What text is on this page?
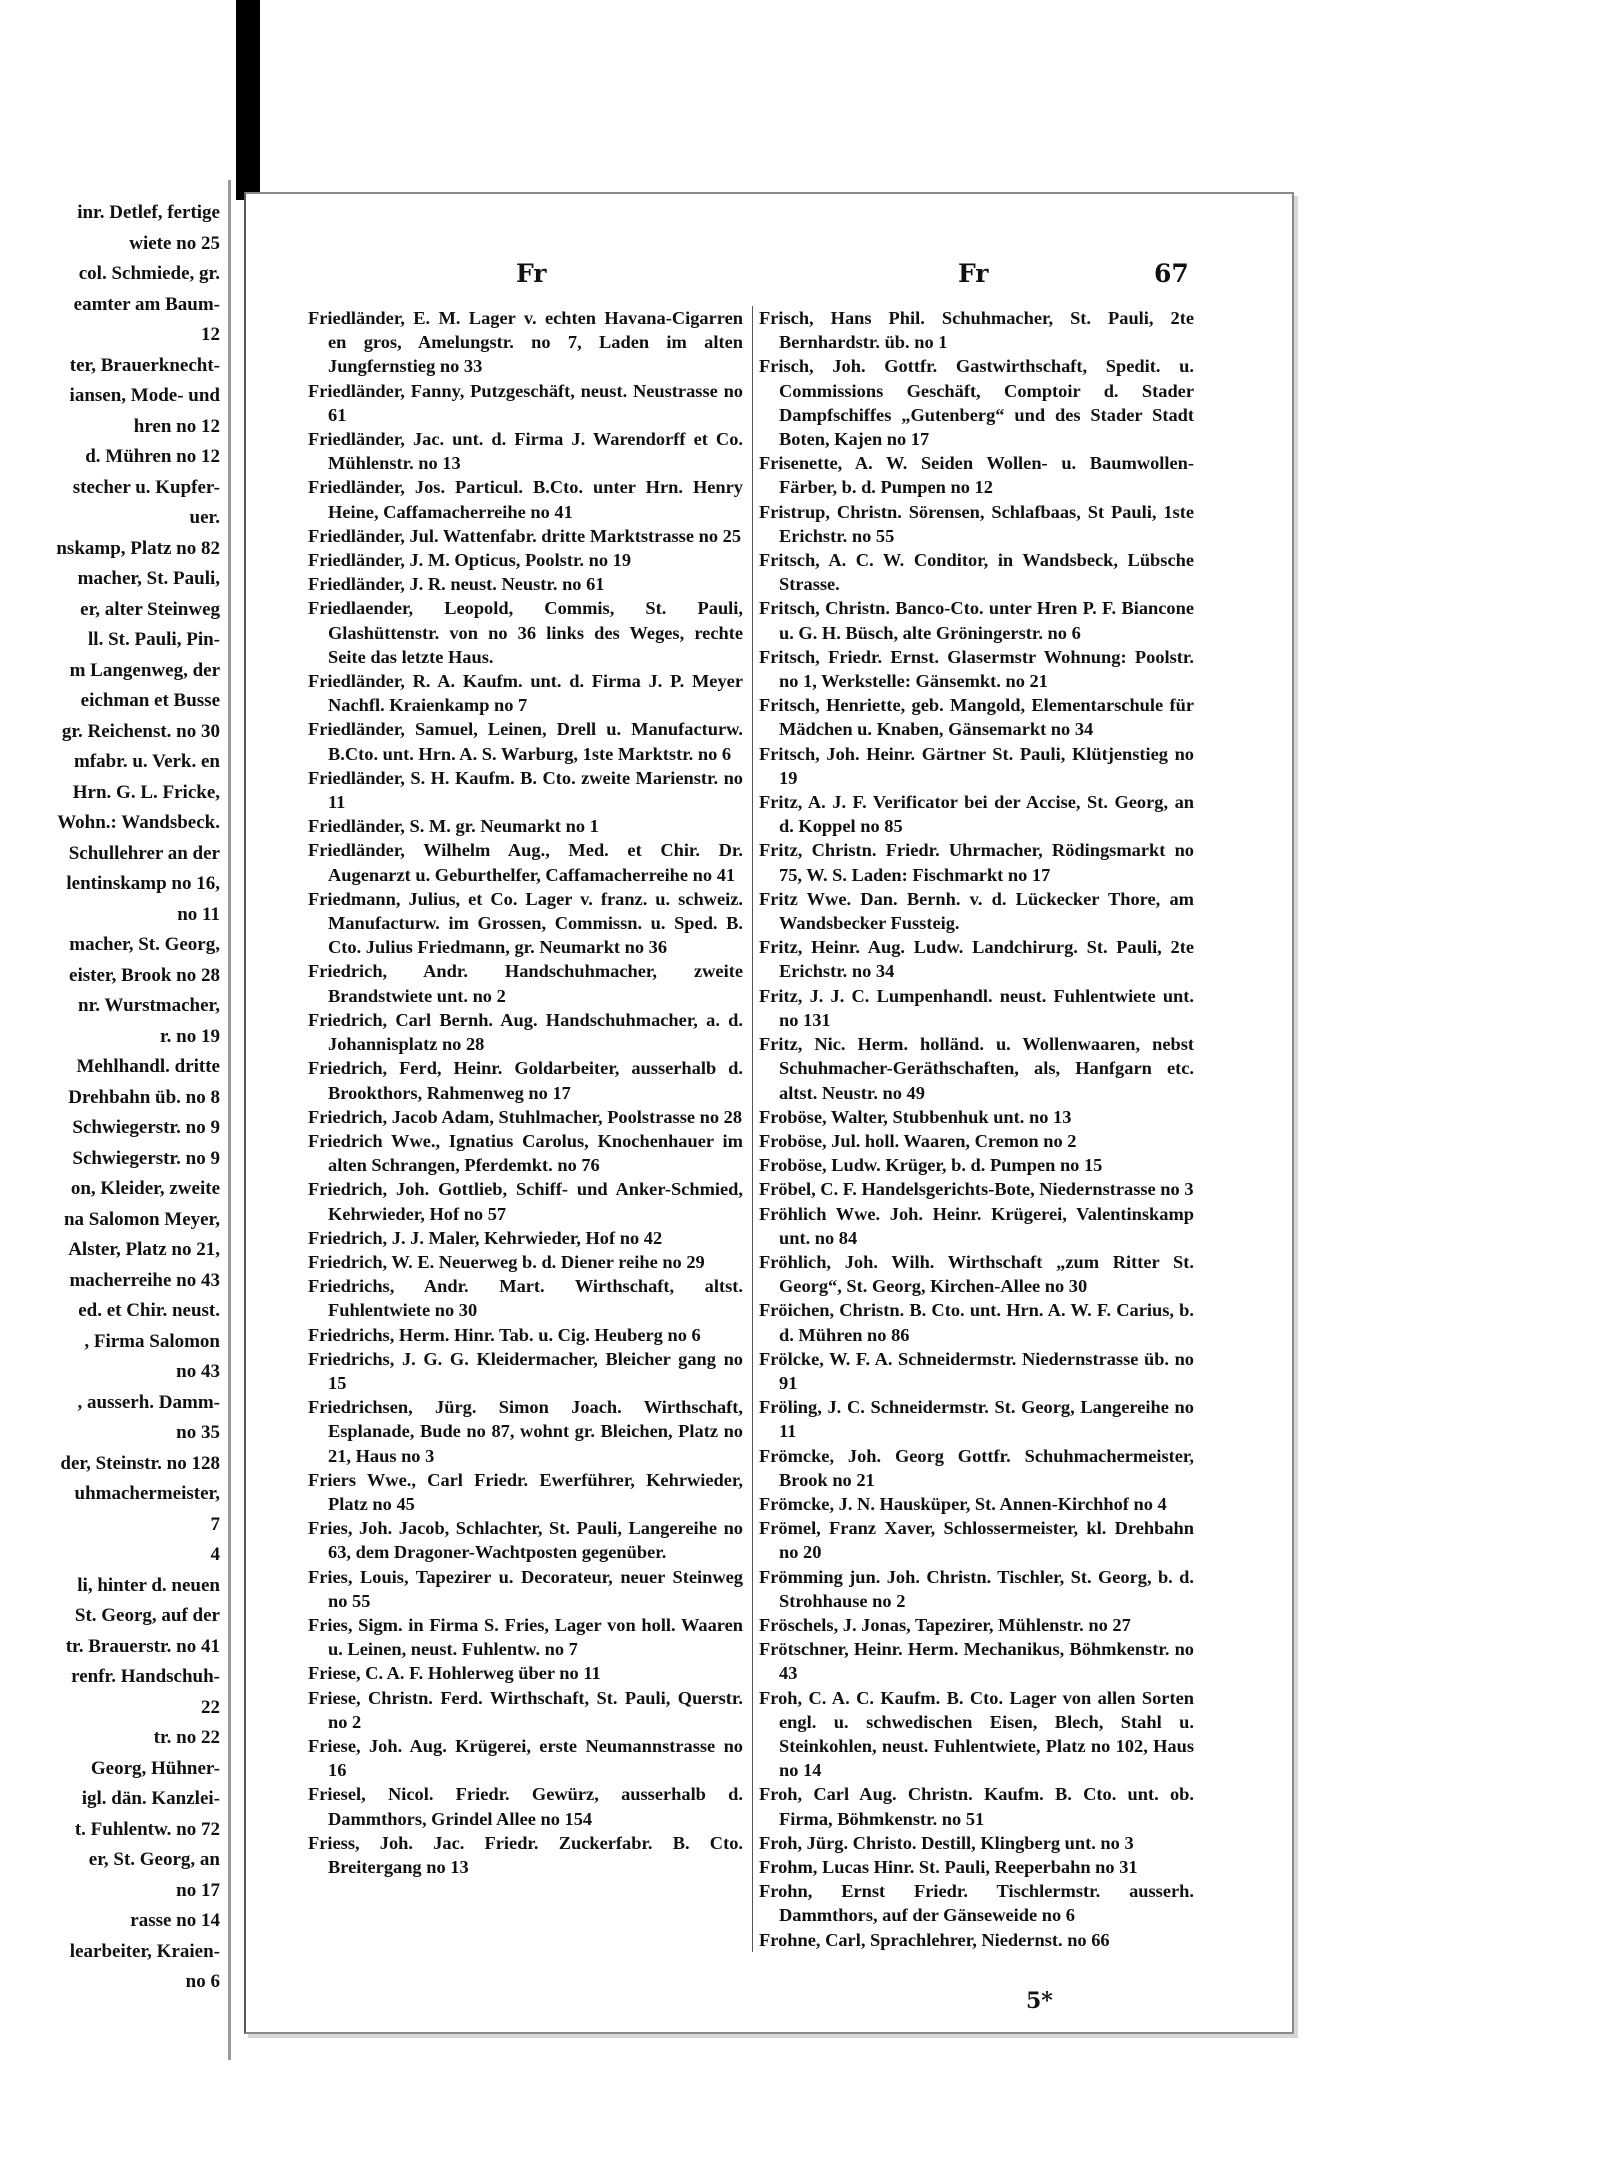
inr. Detlef, fertige
wiete no 25
col. Schmiede, gr.
eamter am Baum-
12
ter, Brauerknecht-
iansen, Mode- und
hren no 12
d. Mühren no 12
stecher u. Kupfer-
uer.
nskamp, Platz no 82
macher, St. Pauli,
er, alter Steinweg
ll. St. Pauli, Pin-
m Langenweg, der
eichman et Busse
gr. Reichenst. no 30
mfabr. u. Verk. en
Hrn. G. L. Fricke,
Wohn.: Wandsbeck.
Schullehrer an der
lentinskamp no 16,
no 11
macher, St. Georg,
eister, Brook no 28
nr. Wurstmacher,
r. no 19
Mehlhandl. dritte
Drehbahn üb. no 8
Schwiegerstr. no 9
Schwiegerstr. no 9
on, Kleider, zweite
na Salomon Meyer,
Alster, Platz no 21,
macherreihe no 43
ed. et Chir. neust.
, Firma Salomon
no 43
, ausserh. Damm-
no 35
der, Steinstr. no 128
uhmachermeister,
7
4
li, hinter d. neuen
St. Georg, auf der
tr. Brauerstr. no 41
renfr. Handschuh-
22
tr. no 22
Georg, Hühner-
igl. dän. Kanzlei-
t. Fuhlentw. no 72
er, St. Georg, an
no 17
rasse no 14
learbeiter, Kraien-
no 6
Fr	Fr	67

Friedländer, E. M. Lager v. echten Havana-Cigarren en gros, Amelungstr. no 7, Laden im alten Jungfernstieg no 33

Friedländer, Fanny, Putzgeschäft, neust. Neustrasse no 61

Friedländer, Jac. unt. d. Firma J. Warendorff et Co. Mühlenstr. no 13

Friedländer, Jos. Particul. B.Cto. unter Hrn. Henry Heine, Caffamacherreihe no 41

Friedländer, Jul. Wattenfabr. dritte Marktstrasse no 25

Friedländer, J. M. Opticus, Poolstr. no 19

Friedländer, J. R. neust. Neustr. no 61

Friedlaender, Leopold, Commis, St. Pauli, Glashüttenstr. von no 36 links des Weges, rechte Seite das letzte Haus.

Friedländer, R. A. Kaufm. unt. d. Firma J. P. Meyer Nachfl. Kraienkamp no 7

Friedländer, Samuel, Leinen, Drell u. Manufacturw. B.Cto. unt. Hrn. A. S. Warburg, 1ste Marktstr. no 6

Friedländer, S. H. Kaufm. B. Cto. zweite Marienstr. no 11

Friedländer, S. M. gr. Neumarkt no 1

Friedländer, Wilhelm Aug., Med. et Chir. Dr. Augenarzt u. Geburthelfer, Caffamacherreihe no 41

Friedmann, Julius, et Co. Lager v. franz. u. schweiz. Manufacturw. im Grossen, Commissn. u. Sped. B. Cto. Julius Friedmann, gr. Neumarkt no 36

Friedrich, Andr. Handschuhmacher, zweite Brandstwiete unt. no 2

Friedrich, Carl Bernh. Aug. Handschuhmacher, a. d. Johannisplatz no 28

Friedrich, Ferd, Heinr. Goldarbeiter, ausserhalb d. Brookthors, Rahmenweg no 17

Friedrich, Jacob Adam, Stuhlmacher, Poolstrasse no 28

Friedrich Wwe., Ignatius Carolus, Knochenhauer im alten Schrangen, Pferdemkt. no 76

Friedrich, Joh. Gottlieb, Schiff- und Anker-Schmied, Kehrwieder, Hof no 57

Friedrich, J. J. Maler, Kehrwieder, Hof no 42

Friedrich, W. E. Neuerweg b. d. Diener reihe no 29

Friedrichs, Andr. Mart. Wirthschaft, altst. Fuhlentwiete no 30

Friedrichs, Herm. Hinr. Tab. u. Cig. Heuberg no 6

Friedrichs, J. G. G. Kleidermacher, Bleicher gang no 15

Friedrichsen, Jürg. Simon Joach. Wirthschaft, Esplanade, Bude no 87, wohnt gr. Bleichen, Platz no 21, Haus no 3

Friers Wwe., Carl Friedr. Ewerführer, Kehrwieder, Platz no 45

Fries, Joh. Jacob, Schlachter, St. Pauli, Langereihe no 63, dem Dragoner-Wachtposten gegenüber.

Fries, Louis, Tapezirer u. Decorateur, neuer Steinweg no 55

Fries, Sigm. in Firma S. Fries, Lager von holl. Waaren u. Leinen, neust. Fuhlentw. no 7

Friese, C. A. F. Hohlerweg über no 11

Friese, Christn. Ferd. Wirthschaft, St. Pauli, Querstr. no 2

Friese, Joh. Aug. Krügerei, erste Neumannstrasse no 16

Friesel, Nicol. Friedr. Gewürz, ausserhalb d. Dammthors, Grindel Allee no 154

Friess, Joh. Jac. Friedr. Zuckerfabr. B. Cto. Breitergang no 13

Frisch, Hans Phil. Schuhmacher, St. Pauli, 2te Bernhardstr. üb. no 1

Frisch, Joh. Gottfr. Gastwirthschaft, Spedit. u. Commissions Geschäft, Comptoir d. Stader Dampfschiffes „Gutenberg“ und des Stader Stadt Boten, Kajen no 17

Frisenette, A. W. Seiden Wollen- u. Baumwollen-Färber, b. d. Pumpen no 12

Fristrup, Christn. Sörensen, Schlafbaas, St Pauli, 1ste Erichstr. no 55

Fritsch, A. C. W. Conditor, in Wandsbeck, Lübsche Strasse.

Fritsch, Christn. Banco-Cto. unter Hren P. F. Biancone u. G. H. Büsch, alte Gröningerstr. no 6

Fritsch, Friedr. Ernst. Glasermstr Wohnung: Poolstr. no 1, Werkstelle: Gänsemkt. no 21

Fritsch, Henriette, geb. Mangold, Elementarschule für Mädchen u. Knaben, Gänsemarkt no 34

Fritsch, Joh. Heinr. Gärtner St. Pauli, Klütjenstieg no 19

Fritz, A. J. F. Verificator bei der Accise, St. Georg, an d. Koppel no 85

Fritz, Christn. Friedr. Uhrmacher, Rödingsmarkt no 75, W. S. Laden: Fischmarkt no 17

Fritz Wwe. Dan. Bernh. v. d. Lückecker Thore, am Wandsbecker Fussteig.

Fritz, Heinr. Aug. Ludw. Landchirurg. St. Pauli, 2te Erichstr. no 34

Fritz, J. J. C. Lumpenhandl. neust. Fuhlentwiete unt. no 131

Fritz, Nic. Herm. holländ. u. Wollenwaaren, nebst Schuhmacher-Geräthschaften, als, Hanfgarn etc. altst. Neustr. no 49

Froböse, Walter, Stubbenhuk unt. no 13

Froböse, Jul. holl. Waaren, Cremon no 2

Froböse, Ludw. Krüger, b. d. Pumpen no 15

Fröbel, C. F. Handelsgerichts-Bote, Niedernstrasse no 3

Fröhlich Wwe. Joh. Heinr. Krügerei, Valentinskamp unt. no 84

Fröhlich, Joh. Wilh. Wirthschaft „zum Ritter St. Georg“, St. Georg, Kirchen-Allee no 30

Fröichen, Christn. B. Cto. unt. Hrn. A. W. F. Carius, b. d. Mühren no 86

Frölcke, W. F. A. Schneidermstr. Niedernstrasse üb. no 91

Fröling, J. C. Schneidermstr. St. Georg, Langereihe no 11

Frömcke, Joh. Georg Gottfr. Schuhmachermeister, Brook no 21

Frömcke, J. N. Hausküper, St. Annen-Kirchhof no 4

Frömel, Franz Xaver, Schlossermeister, kl. Drehbahn no 20

Frömming jun. Joh. Christn. Tischler, St. Georg, b. d. Strohhause no 2

Fröschels, J. Jonas, Tapezirer, Mühlenstr. no 27

Frötschner, Heinr. Herm. Mechanikus, Böhmkenstr. no 43

Froh, C. A. C. Kaufm. B. Cto. Lager von allen Sorten engl. u. schwedischen Eisen, Blech, Stahl u. Steinkohlen, neust. Fuhlentwiete, Platz no 102, Haus no 14

Froh, Carl Aug. Christn. Kaufm. B. Cto. unt. ob. Firma, Böhmkenstr. no 51

Froh, Jürg. Christo. Destill, Klingberg unt. no 3

Frohm, Lucas Hinr. St. Pauli, Reeperbahn no 31

Frohn, Ernst Friedr. Tischlermstr. ausserh. Dammthors, auf der Gänseweide no 6

Frohne, Carl, Sprachlehrer, Niedernst. no 66

5*
